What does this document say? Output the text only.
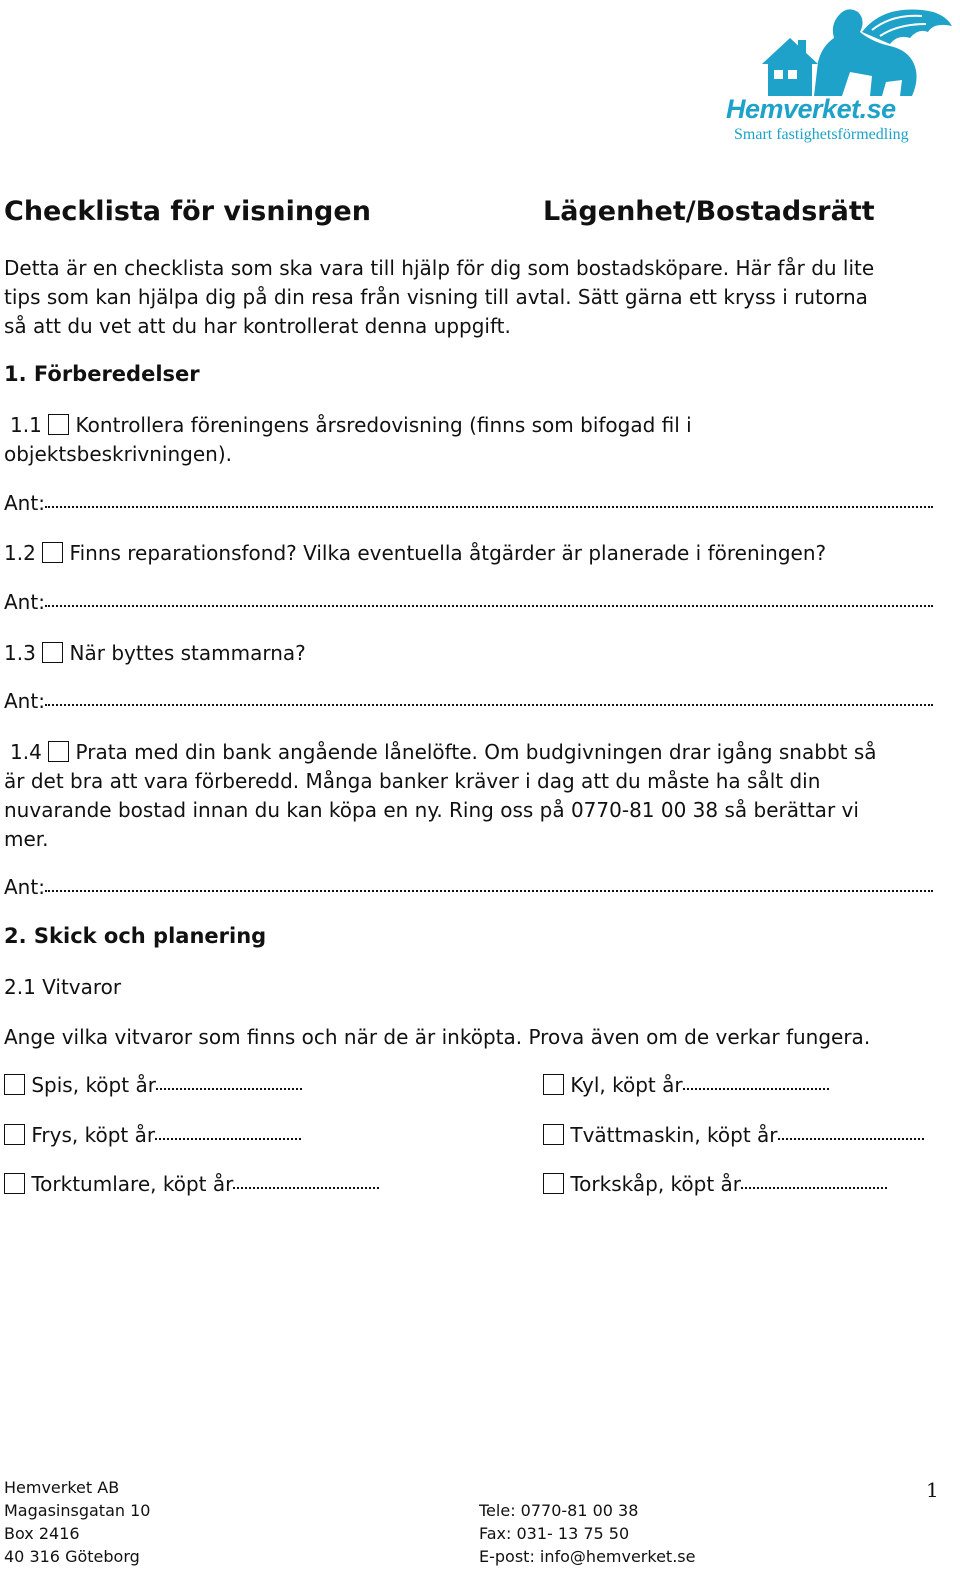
Hemverket.se
Smart fastighetsförmedling
Checklista för visningen	Lägenhet/Bostadsrätt
Detta är en checklista som ska vara till hjälp för dig som bostadsköpare. Här får du lite
tips som kan hjälpa dig på din resa från visning till avtal. Sätt gärna ett kryss i rutorna
så att du vet att du har kontrollerat denna uppgift.
1. Förberedelser
1.1 Kontrollera föreningens årsredovisning (finns som bifogad fil i
objektsbeskrivningen).
Ant:
1.2 Finns reparationsfond? Vilka eventuella åtgärder är planerade i föreningen?
Ant:
1.3 När byttes stammarna?
Ant:
1.4 Prata med din bank angående lånelöfte. Om budgivningen drar igång snabbt så
är det bra att vara förberedd. Många banker kräver i dag att du måste ha sålt din
nuvarande bostad innan du kan köpa en ny. Ring oss på 0770-81 00 38 så berättar vi
mer.
Ant:
2. Skick och planering
2.1 Vitvaror
Ange vilka vitvaror som finns och när de är inköpta. Prova även om de verkar fungera.
Spis, köpt år
Frys, köpt år
Torktumlare, köpt år
Kyl, köpt år
Tvättmaskin, köpt år
Torkskåp, köpt år
Hemverket AB
Magasinsgatan 10
Box 2416
40 316 Göteborg
Tele: 0770-81 00 38
Fax: 031- 13 75 50
E-post: info@hemverket.se
1
